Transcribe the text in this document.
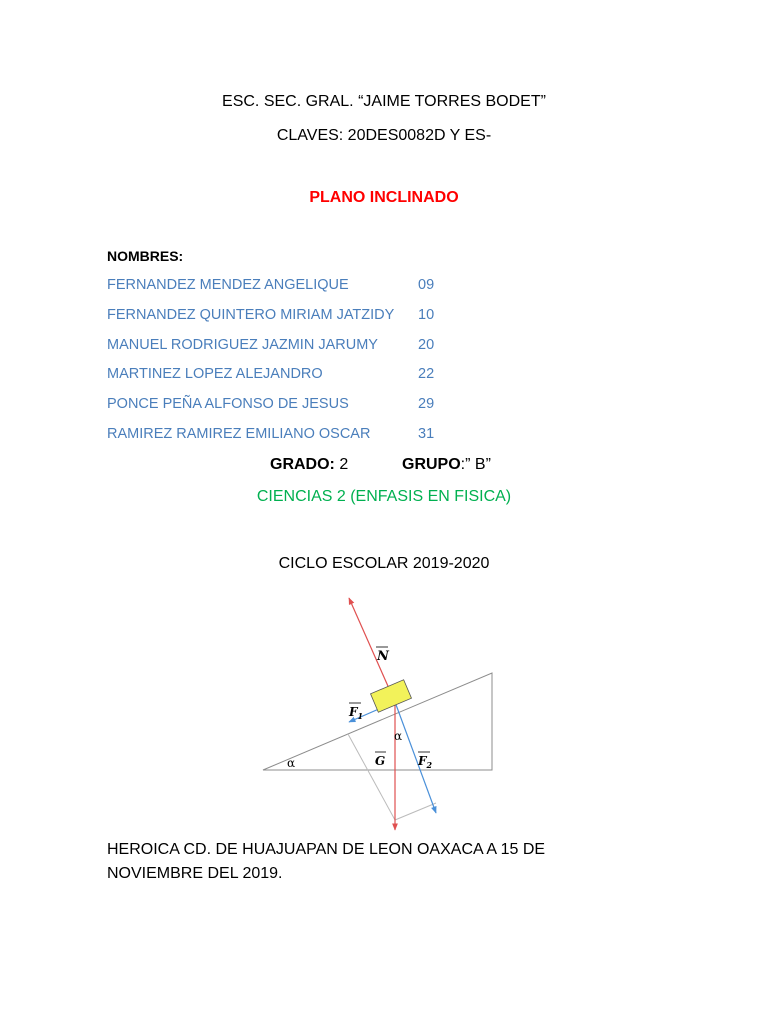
ESC. SEC. GRAL. “JAIME TORRES BODET”
CLAVES: 20DES0082D Y ES-
PLANO INCLINADO
NOMBRES:
FERNANDEZ MENDEZ ANGELIQUE	09
FERNANDEZ QUINTERO MIRIAM JATZIDY 10
MANUEL RODRIGUEZ JAZMIN JARUMY	20
MARTINEZ LOPEZ ALEJANDRO	22
PONCE PEÑA ALFONSO DE JESUS	29
RAMIREZ RAMIREZ EMILIANO OSCAR	31
GRADO: 2	GRUPO:” B”
CIENCIAS 2 (ENFASIS EN FISICA)
CICLO ESCOLAR 2019-2020
N
$F_1$
G	$F_2$
α
α
HEROICA CD. DE HUAJUAPAN DE LEON OAXACA A 15 DE
NOVIEMBRE DEL 2019.
